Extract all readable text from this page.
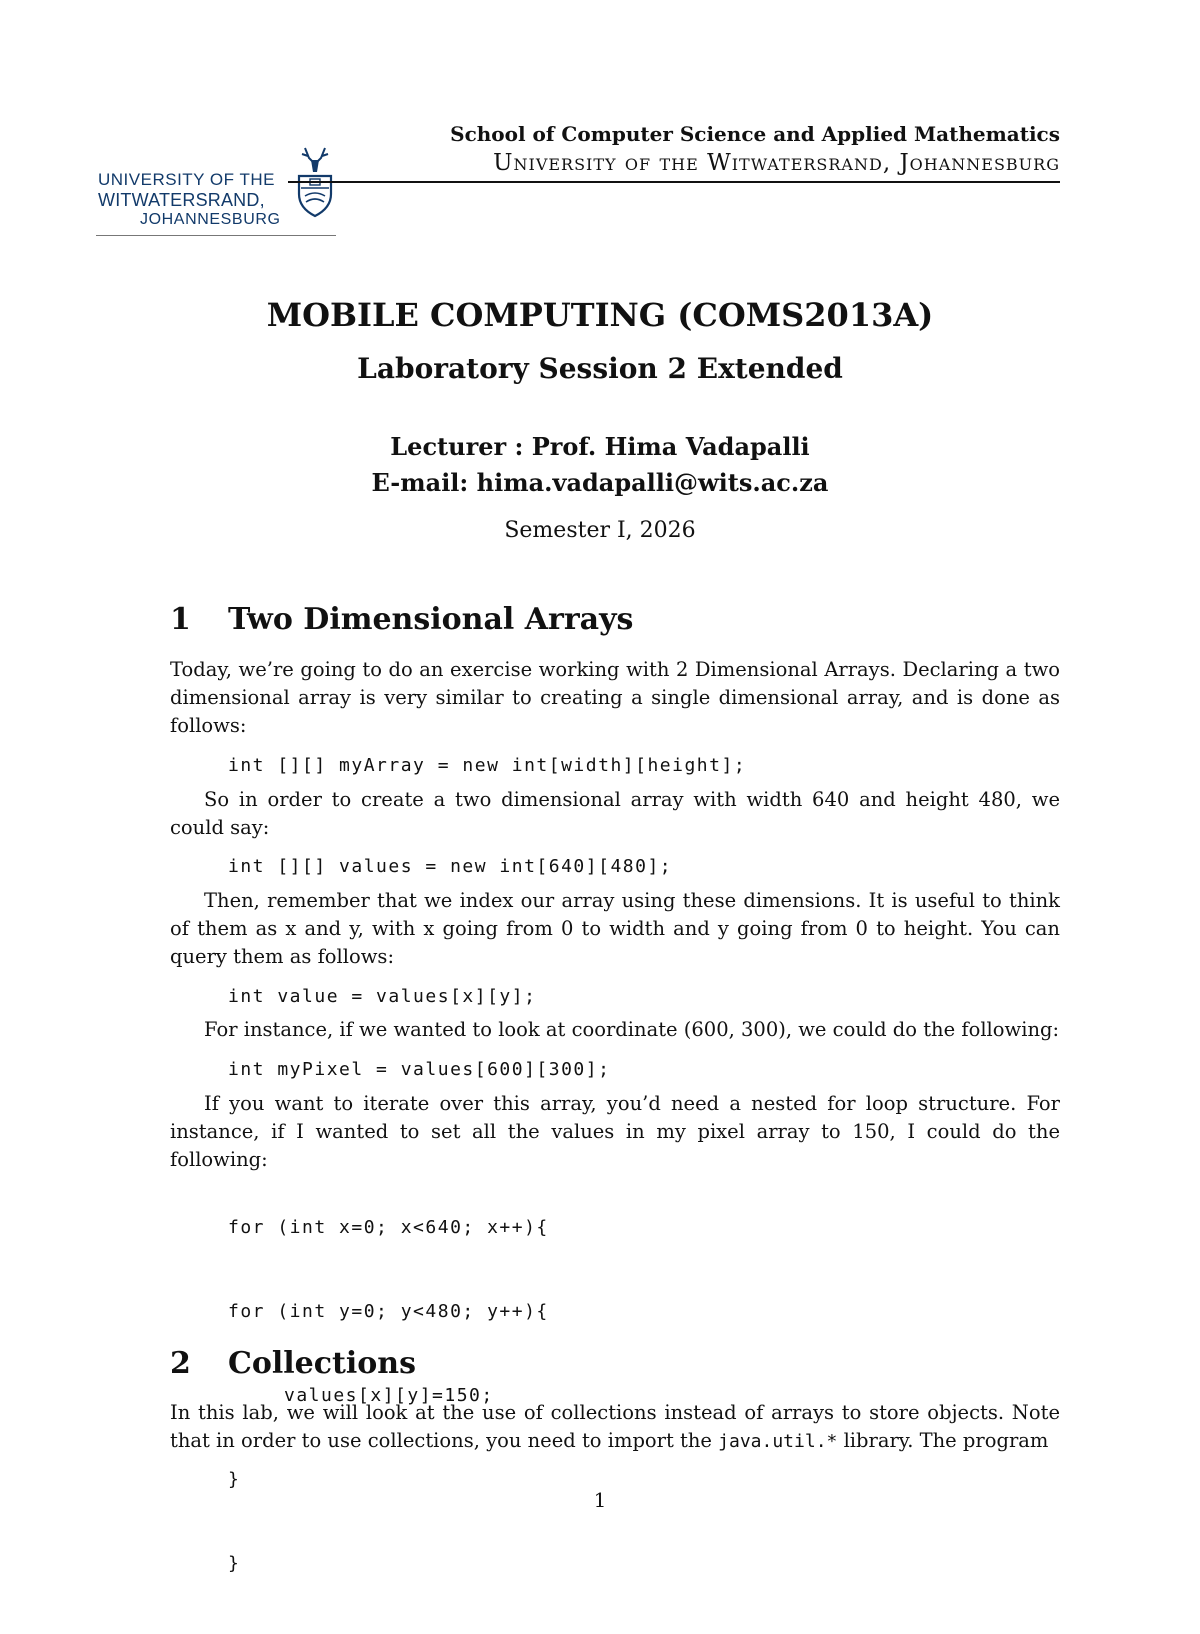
UNIVERSITY OF THE
WITWATERSRAND,
JOHANNESBURG
School of Computer Science and Applied Mathematics
University of the Witwatersrand, Johannesburg
MOBILE COMPUTING (COMS2013A)
Laboratory Session 2 Extended
Lecturer : Prof. Hima Vadapalli
E-mail: hima.vadapalli@wits.ac.za
Semester I, 2026
1 Two Dimensional Arrays
Today, we’re going to do an exercise working with 2 Dimensional Arrays. Declaring a two dimensional array is very similar to creating a single dimensional array, and is done as follows:
int [][] myArray = new int[width][height];
So in order to create a two dimensional array with width 640 and height 480, we could say:
int [][] values = new int[640][480];
Then, remember that we index our array using these dimensions. It is useful to think of them as x and y, with x going from 0 to width and y going from 0 to height. You can query them as follows:
int value = values[x][y];
For instance, if we wanted to look at coordinate (600, 300), we could do the following:
int myPixel = values[600][300];
If you want to iterate over this array, you’d need a nested for loop structure. For instance, if I wanted to set all the values in my pixel array to 150, I could do the following:

for (int x=0; x<640; x++){

for (int y=0; y<480; y++){

values[x][y]=150;

}

}

2 Collections
In this lab, we will look at the use of collections instead of arrays to store objects. Note that in order to use collections, you need to import the java.util.* library. The program
1
